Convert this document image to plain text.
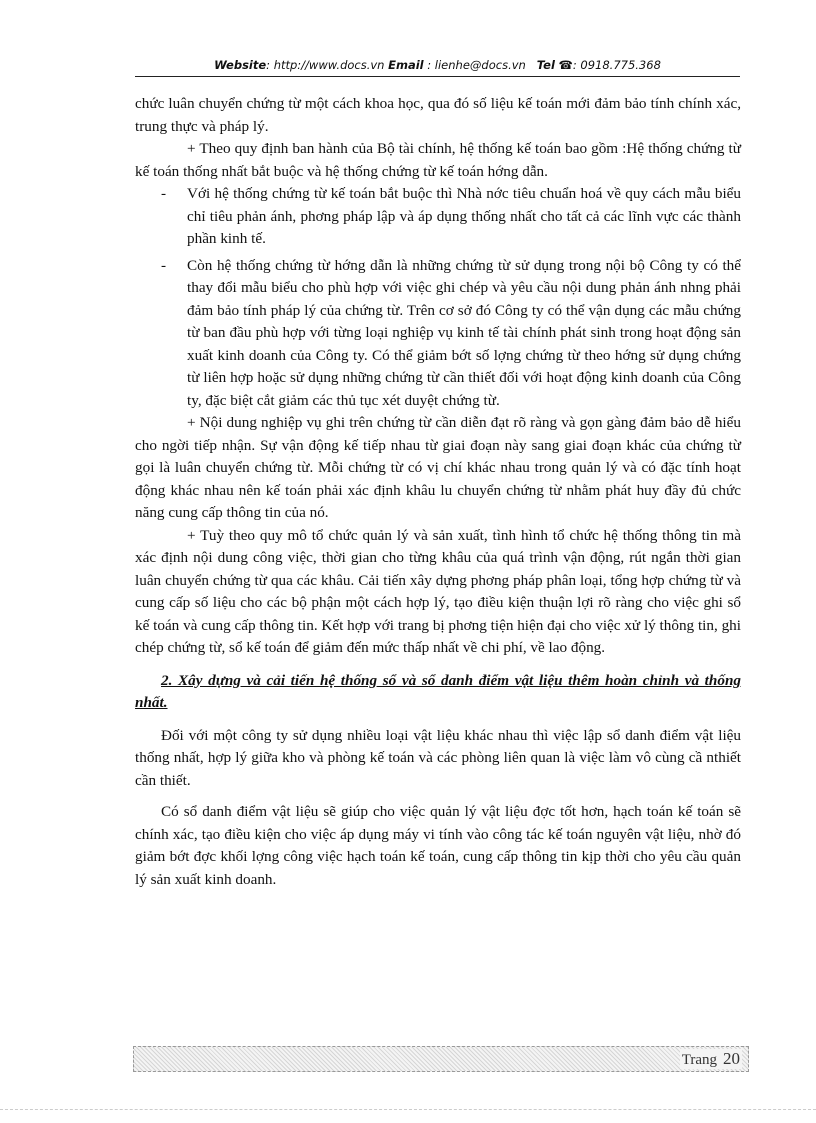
Website: http://www.docs.vn Email : lienhe@docs.vn Tel ☎: 0918.775.368

chức luân chuyển chứng từ một cách khoa học, qua đó số liệu kế toán mới đảm bảo tính chính xác, trung thực và pháp lý.

+ Theo quy định ban hành của Bộ tài chính, hệ thống kế toán bao gồm :Hệ thống chứng từ kế toán thống nhất bắt buộc và hệ thống chứng từ kế toán hớng dẫn.

- Với hệ thống chứng từ kế toán bắt buộc thì Nhà nớc tiêu chuẩn hoá về quy cách mẫu biểu chỉ tiêu phản ánh, phơng pháp lập và áp dụng thống nhất cho tất cả các lĩnh vực các thành phần kinh tế.
- Còn hệ thống chứng từ hớng dẫn là những chứng từ sử dụng trong nội bộ Công ty có thể thay đổi mẫu biểu cho phù hợp với việc ghi chép và yêu cầu nội dung phản ánh nhng phải đảm bảo tính pháp lý của chứng từ. Trên cơ sở đó Công ty có thể vận dụng các mẫu chứng từ ban đầu phù hợp với từng loại nghiệp vụ kinh tế tài chính phát sinh trong hoạt động sản xuất kinh doanh của Công ty. Có thể giảm bớt số lợng chứng từ theo hớng sử dụng chứng từ liên hợp hoặc sử dụng những chứng từ cần thiết đối với hoạt động kinh doanh của Công ty, đặc biệt cắt giảm các thủ tục xét duyệt chứng từ.

+ Nội dung nghiệp vụ ghi trên chứng từ cần diễn đạt rõ ràng và gọn gàng đảm bảo dễ hiểu cho ngời tiếp nhận. Sự vận động kế tiếp nhau từ giai đoạn này sang giai đoạn khác của chứng từ gọi là luân chuyển chứng từ. Mỗi chứng từ có vị chí khác nhau trong quản lý và có đặc tính hoạt động khác nhau nên kế toán phải xác định khâu lu chuyển chứng từ nhằm phát huy đầy đủ chức năng cung cấp thông tin của nó.

+ Tuỳ theo quy mô tổ chức quản lý và sản xuất, tình hình tổ chức hệ thống thông tin mà xác định nội dung công việc, thời gian cho từng khâu của quá trình vận động, rút ngắn thời gian luân chuyển chứng từ qua các khâu. Cải tiến xây dựng phơng pháp phân loại, tổng hợp chứng từ và cung cấp số liệu cho các bộ phận một cách hợp lý, tạo điều kiện thuận lợi rõ ràng cho việc ghi sổ kế toán và cung cấp thông tin. Kết hợp với trang bị phơng tiện hiện đại cho việc xử lý thông tin, ghi chép chứng từ, sổ kế toán để giảm đến mức thấp nhất về chi phí, về lao động.

2. Xây dựng và cải tiến hệ thống sổ và sổ danh điểm vật liệu thêm hoàn chỉnh và thống nhất.

Đối với một công ty sử dụng nhiều loại vật liệu khác nhau thì việc lập sổ danh điểm vật liệu thống nhất, hợp lý giữa kho và phòng kế toán và các phòng liên quan là việc làm vô cùng cầ nthiết cần thiết.

Có sổ danh điểm vật liệu sẽ giúp cho việc quản lý vật liệu đợc tốt hơn, hạch toán kế toán sẽ chính xác, tạo điều kiện cho việc áp dụng máy vi tính vào công tác kế toán nguyên vật liệu, nhờ đó giảm bớt đợc khối lợng công việc hạch toán kế toán, cung cấp thông tin kịp thời cho yêu cầu quản lý sản xuất kinh doanh.

Trang 20
